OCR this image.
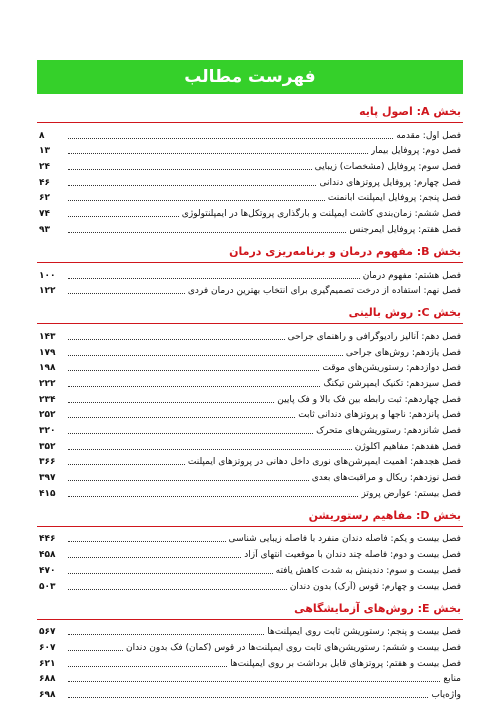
فهرست مطالب
بخش A: اصول پایه
فصل اول: مقدمه
۸
فصل دوم: پروفایل بیمار
۱۳
فصل سوم: پروفایل (مشخصات) زیبایی
۲۴
فصل چهارم: پروفایل پروتزهای دندانی
۴۶
فصل پنجم: پروفایل ایمپلنت ابانمنت
۶۲
فصل ششم: زمان‌بندی کاشت ایمپلنت و بارگذاری پروتکل‌ها در ایمپلنتولوژی
۷۴
فصل هفتم: پروفایل ایمرجنس
۹۳
بخش B: مفهوم درمان و برنامه‌ریزی درمان
فصل هشتم: مفهوم درمان
۱۰۰
فصل نهم: استفاده از درخت تصمیم‌گیری برای انتخاب بهترین درمان فردی
۱۲۲
بخش C: روش بالینی
فصل دهم: آنالیز رادیوگرافی و راهنمای جراحی
۱۴۳
فصل یازدهم: روش‌های جراحی
۱۷۹
فصل دوازدهم: رستوریشن‌های موقت
۱۹۸
فصل سیزدهم: تکنیک ایمپرشن تیکنگ
۲۲۲
فصل چهاردهم: ثبت رابطه بین فک بالا و فک پایین
۲۳۴
فصل پانزدهم: ناجها و پروتزهای دندانی ثابت
۲۵۲
فصل شانزدهم: رستوریشن‌های متحرک
۳۲۰
فصل هفدهم: مفاهیم اکلوژن
۳۵۲
فصل هجدهم: اهمیت ایمپرشن‌های نوری داخل دهانی در پروتزهای ایمپلنت
۳۶۶
فصل نوزدهم: ریکال و مراقبت‌های بعدی
۳۹۷
فصل بیستم: عوارض پروتز
۴۱۵
بخش D: مفاهیم رستوریشن
فصل بیست و یکم: فاصله دندان منفرد با فاصله زیبایی شناسی
۴۴۶
فصل بیست و دوم: فاصله چند دندان با موقعیت انتهای آزاد
۴۵۸
فصل بیست و سوم: دندینش به شدت کاهش یافته
۴۷۰
فصل بیست و چهارم: قوس (آرک) بدون دندان
۵۰۳
بخش E: روش‌های آزمایشگاهی
فصل بیست و پنجم: رستوریشن ثابت روی ایمپلنت‌ها
۵۶۷
فصل بیست و ششم: رستوریشن‌های ثابت روی ایمپلنت‌ها در قوس (کمان) فک بدون دندان
۶۰۷
فصل بیست و هفتم: پروتزهای قابل برداشت بر روی ایمپلنت‌ها
۶۲۱
منابع
۶۸۸
واژه‌یاب
۶۹۸
